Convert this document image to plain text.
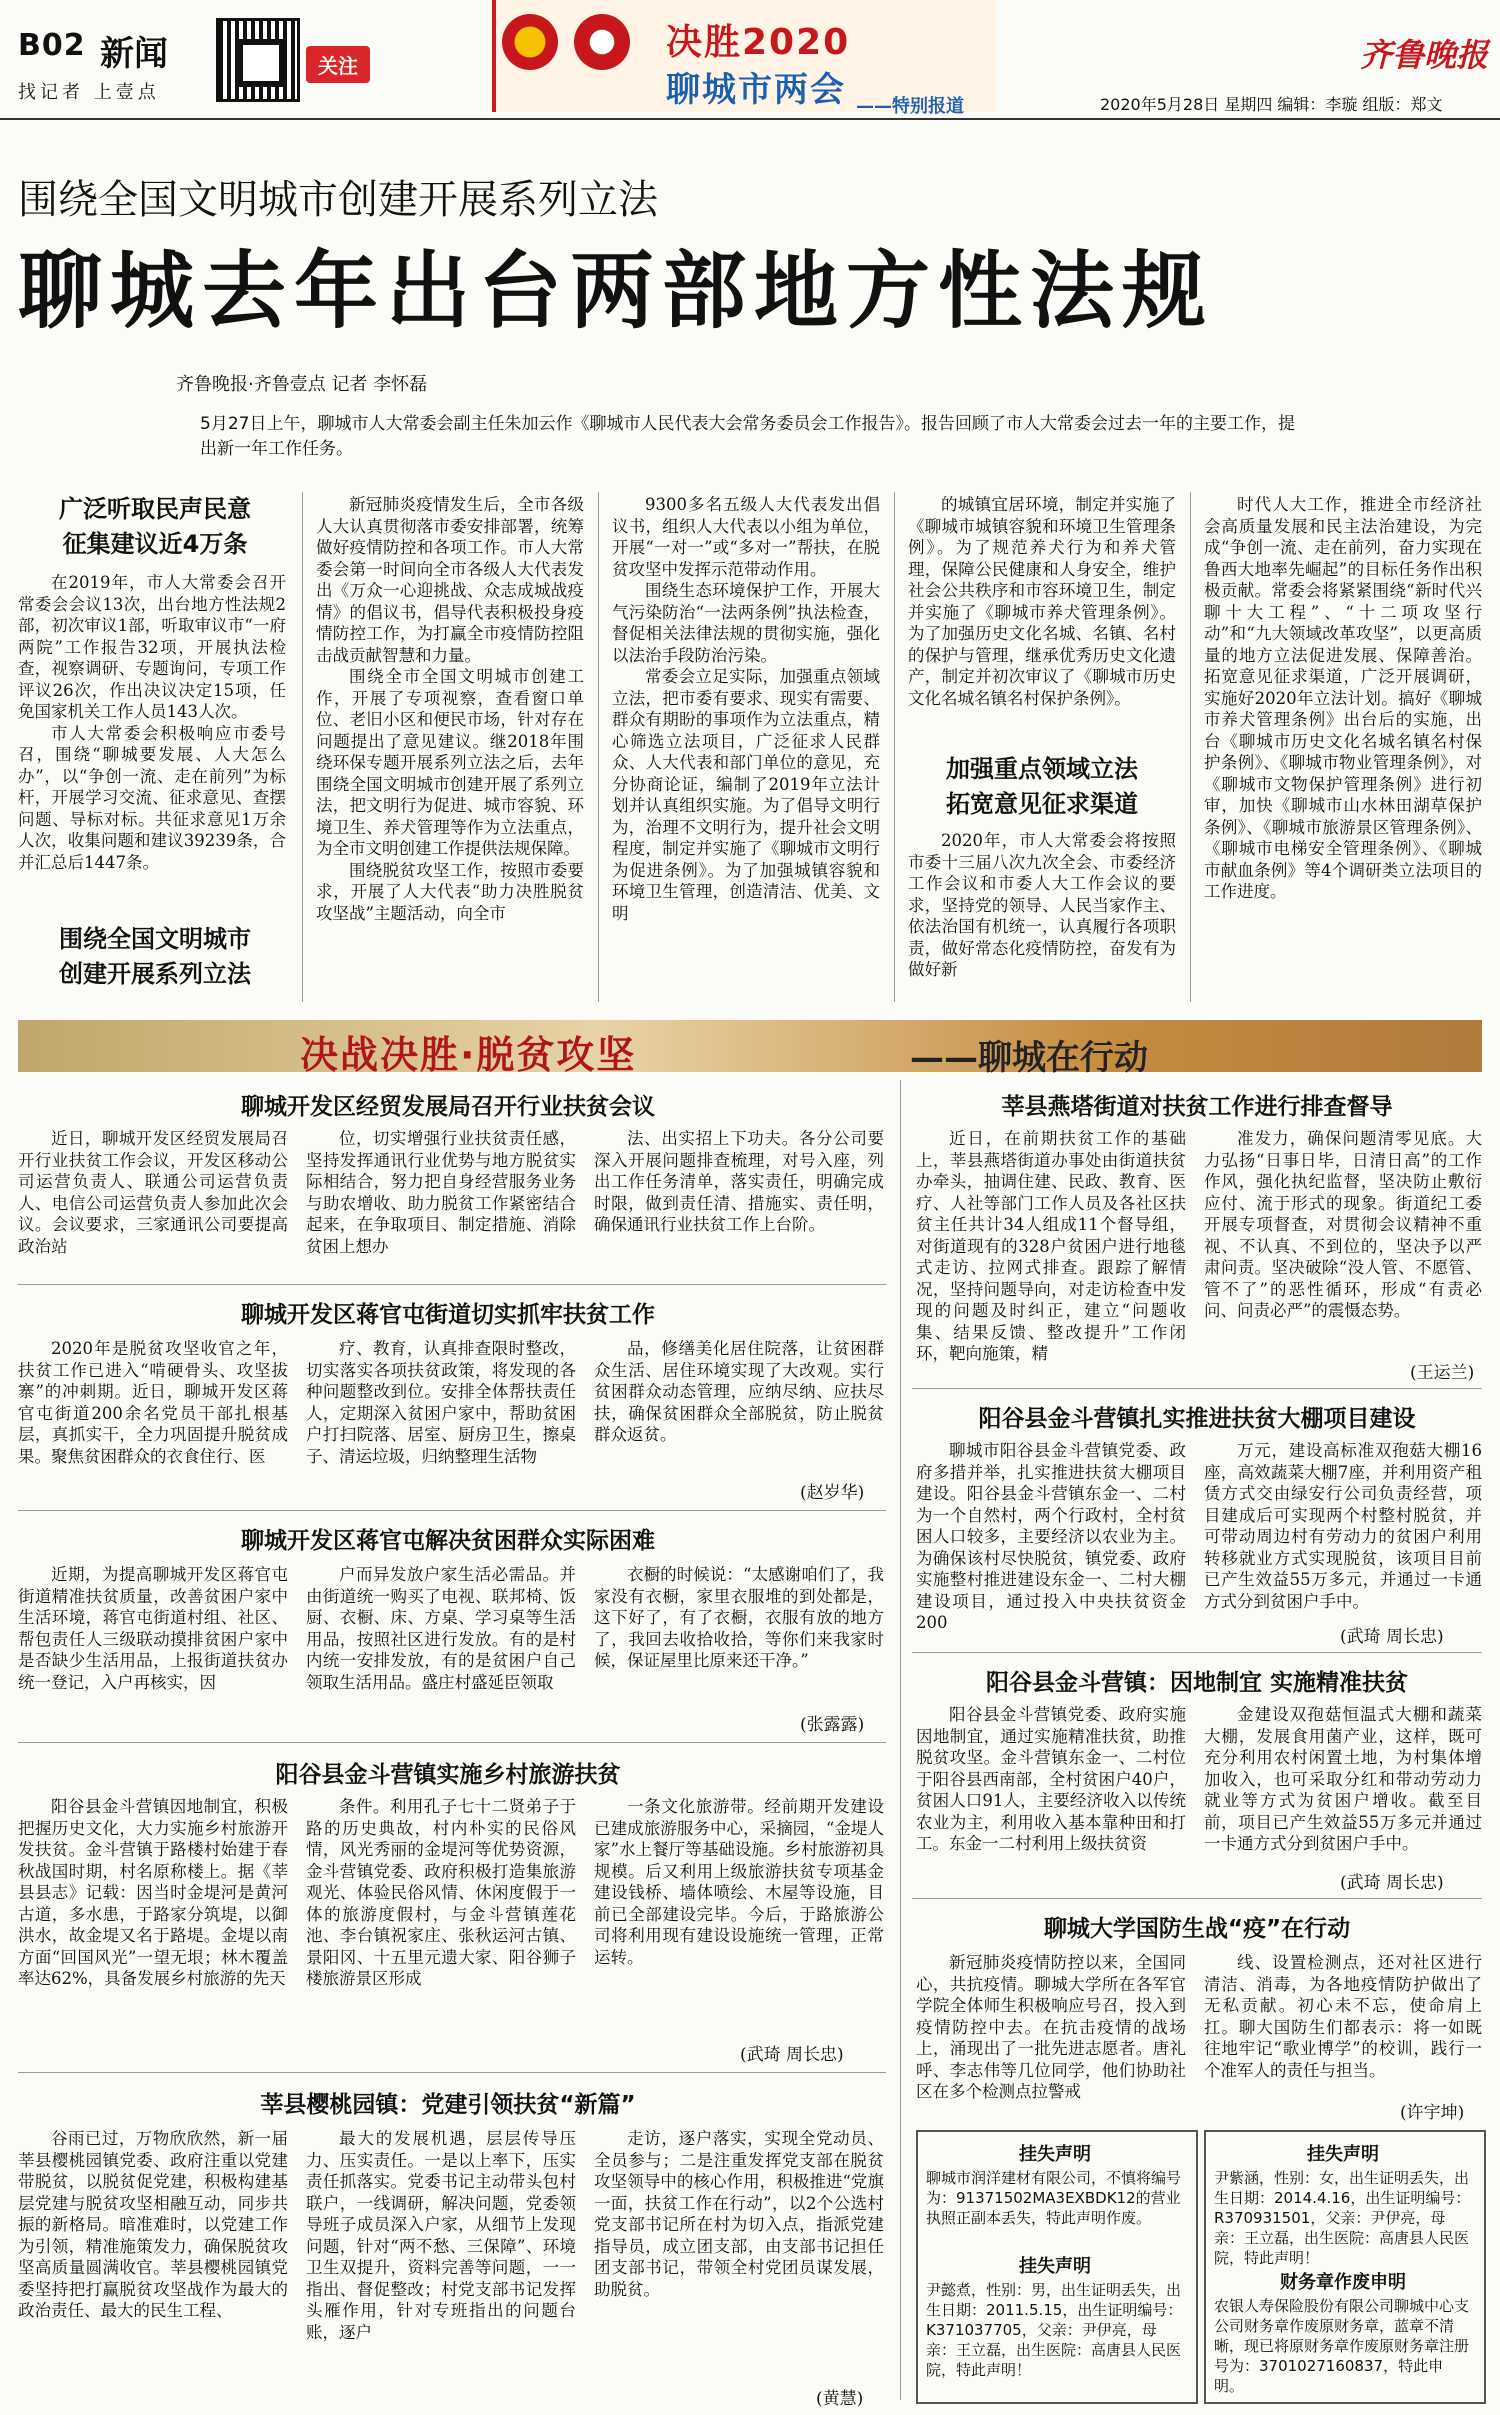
B02 新闻
找记者 上壹点
关注
决胜2020
聊城市两会 ——特别报道
齐鲁晚报
2020年5月28日 星期四 编辑：李璇 组版：郑文
围绕全国文明城市创建开展系列立法
聊城去年出台两部地方性法规
齐鲁晚报·齐鲁壹点 记者 李怀磊
5月27日上午，聊城市人大常委会副主任朱加云作《聊城市人民代表大会常务委员会工作报告》。报告回顾了市人大常委会过去一年的主要工作，提出新一年工作任务。
广泛听取民声民意
征集建议近4万条

在2019年，市人大常委会召开常委会会议13次，出台地方性法规2部，初次审议1部，听取审议市“一府两院”工作报告32项，开展执法检查，视察调研、专题询问，专项工作评议26次，作出决议决定15项，任免国家机关工作人员143人次。

市人大常委会积极响应市委号召，围绕“聊城要发展、人大怎么办”，以“争创一流、走在前列”为标杆，开展学习交流、征求意见、查摆问题、导标对标。共征求意见1万余人次，收集问题和建议39239条，合并汇总后1447条。

围绕全国文明城市
创建开展系列立法

新冠肺炎疫情发生后，全市各级人大认真贯彻落市委安排部署，统筹做好疫情防控和各项工作。市人大常委会第一时间向全市各级人大代表发出《万众一心迎挑战、众志成城战疫情》的倡议书，倡导代表积极投身疫情防控工作，为打赢全市疫情防控阻击战贡献智慧和力量。

围绕全市全国文明城市创建工作，开展了专项视察，查看窗口单位、老旧小区和便民市场，针对存在问题提出了意见建议。继2018年围绕环保专题开展系列立法之后，去年围绕全国文明城市创建开展了系列立法，把文明行为促进、城市容貌、环境卫生、养犬管理等作为立法重点，为全市文明创建工作提供法规保障。

围绕脱贫攻坚工作，按照市委要求，开展了人大代表“助力决胜脱贫攻坚战”主题活动，向全市

9300多名五级人大代表发出倡议书，组织人大代表以小组为单位，开展“一对一”或“多对一”帮扶，在脱贫攻坚中发挥示范带动作用。

围绕生态环境保护工作，开展大气污染防治“一法两条例”执法检查，督促相关法律法规的贯彻实施，强化以法治手段防治污染。

常委会立足实际，加强重点领域立法，把市委有要求、现实有需要、群众有期盼的事项作为立法重点，精心筛选立法项目，广泛征求人民群众、人大代表和部门单位的意见，充分协商论证，编制了2019年立法计划并认真组织实施。为了倡导文明行为，治理不文明行为，提升社会文明程度，制定并实施了《聊城市文明行为促进条例》。为了加强城镇容貌和环境卫生管理，创造清洁、优美、文明

的城镇宜居环境，制定并实施了《聊城市城镇容貌和环境卫生管理条例》。为了规范养犬行为和养犬管理，保障公民健康和人身安全，维护社会公共秩序和市容环境卫生，制定并实施了《聊城市养犬管理条例》。为了加强历史文化名城、名镇、名村的保护与管理，继承优秀历史文化遗产，制定并初次审议了《聊城市历史文化名城名镇名村保护条例》。

加强重点领域立法
拓宽意见征求渠道

2020年，市人大常委会将按照市委十三届八次九次全会、市委经济工作会议和市委人大工作会议的要求，坚持党的领导、人民当家作主、依法治国有机统一，认真履行各项职责，做好常态化疫情防控，奋发有为做好新

时代人大工作，推进全市经济社会高质量发展和民主法治建设，为完成“争创一流、走在前列，奋力实现在鲁西大地率先崛起”的目标任务作出积极贡献。常委会将紧紧围绕“新时代兴聊十大工程”、“十二项攻坚行动”和“九大领域改革攻坚”，以更高质量的地方立法促进发展、保障善治。拓宽意见征求渠道，广泛开展调研，实施好2020年立法计划。搞好《聊城市养犬管理条例》出台后的实施，出台《聊城市历史文化名城名镇名村保护条例》、《聊城市物业管理条例》，对《聊城市文物保护管理条例》进行初审，加快《聊城市山水林田湖草保护条例》、《聊城市旅游景区管理条例》、《聊城市电梯安全管理条例》、《聊城市献血条例》等4个调研类立法项目的工作进度。

决战决胜·脱贫攻坚	——聊城在行动
聊城开发区经贸发展局召开行业扶贫会议

近日，聊城开发区经贸发展局召开行业扶贫工作会议，开发区移动公司运营负责人、联通公司运营负责人、电信公司运营负责人参加此次会议。会议要求，三家通讯公司要提高政治站

位，切实增强行业扶贫责任感，坚持发挥通讯行业优势与地方脱贫实际相结合，努力把自身经营服务业务与助农增收、助力脱贫工作紧密结合起来，在争取项目、制定措施、消除贫困上想办

法、出实招上下功夫。各分公司要深入开展问题排查梳理，对号入座，列出工作任务清单，落实责任，明确完成时限，做到责任清、措施实、责任明，确保通讯行业扶贫工作上台阶。

聊城开发区蒋官屯街道切实抓牢扶贫工作

2020年是脱贫攻坚收官之年，扶贫工作已进入“啃硬骨头、攻坚拔寨”的冲刺期。近日，聊城开发区蒋官屯街道200余名党员干部扎根基层，真抓实干，全力巩固提升脱贫成果。聚焦贫困群众的衣食住行、医

疗、教育，认真排查限时整改，切实落实各项扶贫政策，将发现的各种问题整改到位。安排全体帮扶责任人，定期深入贫困户家中，帮助贫困户打扫院落、居室、厨房卫生，擦桌子、清运垃圾，归纳整理生活物

品，修缮美化居住院落，让贫困群众生活、居住环境实现了大改观。实行贫困群众动态管理，应纳尽纳、应扶尽扶，确保贫困群众全部脱贫，防止脱贫群众返贫。

(赵岁华)
聊城开发区蒋官屯解决贫困群众实际困难

近期，为提高聊城开发区蒋官屯街道精准扶贫质量，改善贫困户家中生活环境，蒋官屯街道村组、社区、帮包责任人三级联动摸排贫困户家中是否缺少生活用品，上报街道扶贫办统一登记，入户再核实，因

户而异发放户家生活必需品。并由街道统一购买了电视、联邦椅、饭厨、衣橱、床、方桌、学习桌等生活用品，按照社区进行发放。有的是村内统一安排发放，有的是贫困户自己领取生活用品。盛庄村盛延臣领取

衣橱的时候说：“太感谢咱们了，我家没有衣橱，家里衣服堆的到处都是，这下好了，有了衣橱，衣服有放的地方了，我回去收拾收拾，等你们来我家时候，保证屋里比原来还干净。”

(张露露)
阳谷县金斗营镇实施乡村旅游扶贫

阳谷县金斗营镇因地制宜，积极把握历史文化，大力实施乡村旅游开发扶贫。金斗营镇于路楼村始建于春秋战国时期，村名原称楼上。据《莘县县志》记载：因当时金堤河是黄河古道，多水患，于路家分筑堤，以御洪水，故金堤又名于路堤。金堤以南方面“回国风光”一望无垠；林木覆盖率达62%，具备发展乡村旅游的先天

条件。利用孔子七十二贤弟子于路的历史典故，村内朴实的民俗风情，风光秀丽的金堤河等优势资源，金斗营镇党委、政府积极打造集旅游观光、体验民俗风情、休闲度假于一体的旅游度假村，与金斗营镇莲花池、李台镇祝家庄、张秋运河古镇、景阳冈、十五里元遗大家、阳谷狮子楼旅游景区形成

一条文化旅游带。经前期开发建设已建成旅游服务中心，采摘园，“金堤人家”水上餐厅等基础设施。乡村旅游初具规模。后又利用上级旅游扶贫专项基金建设钱桥、墙体喷绘、木屋等设施，目前已全部建设完毕。今后，于路旅游公司将利用现有建设设施统一管理，正常运转。

(武琦 周长忠)
莘县樱桃园镇：党建引领扶贫“新篇”

谷雨已过，万物欣欣然，新一届莘县樱桃园镇党委、政府注重以党建带脱贫，以脱贫促党建，积极构建基层党建与脱贫攻坚相融互动，同步共振的新格局。暗准难时，以党建工作为引领，精准施策发力，确保脱贫攻坚高质量圆满收官。莘县樱桃园镇党委坚持把打赢脱贫攻坚战作为最大的政治责任、最大的民生工程、

最大的发展机遇，层层传导压力、压实责任。一是以上率下，压实责任抓落实。党委书记主动带头包村联户，一线调研，解决问题，党委领导班子成员深入户家，从细节上发现问题，针对“两不愁、三保障”、环境卫生双提升，资料完善等问题，一一指出、督促整改；村党支部书记发挥头雁作用，针对专班指出的问题台账，逐户

走访，逐户落实，实现全党动员、全员参与；二是注重发挥党支部在脱贫攻坚领导中的核心作用，积极推进“党旗一面，扶贫工作在行动”，以2个公选村党支部书记所在村为切入点，指派党建指导员，成立团支部，由支部书记担任团支部书记，带领全村党团员谋发展，助脱贫。

(黄慧)
莘县燕塔街道对扶贫工作进行排查督导

近日，在前期扶贫工作的基础上，莘县燕塔街道办事处由街道扶贫办牵头，抽调住建、民政、教育、医疗、人社等部门工作人员及各社区扶贫主任共计34人组成11个督导组，对街道现有的328户贫困户进行地毯式走访、拉网式排查。跟踪了解情况，坚持问题导向，对走访检查中发现的问题及时纠正，建立“问题收集、结果反馈、整改提升”工作闭环，靶向施策，精

准发力，确保问题清零见底。大力弘扬“日事日毕，日清日高”的工作作风，强化执纪监督，坚决防止敷衍应付、流于形式的现象。街道纪工委开展专项督查，对贯彻会议精神不重视、不认真、不到位的，坚决予以严肃问责。坚决破除“没人管、不愿管、管不了”的恶性循环，形成“有责必问、问责必严”的震慑态势。

(王运兰)
阳谷县金斗营镇扎实推进扶贫大棚项目建设

聊城市阳谷县金斗营镇党委、政府多措并举，扎实推进扶贫大棚项目建设。阳谷县金斗营镇东金一、二村为一个自然村，两个行政村，全村贫困人口较多，主要经济以农业为主。为确保该村尽快脱贫，镇党委、政府实施整村推进建设东金一、二村大棚建设项目，通过投入中央扶贫资金200

万元，建设高标准双孢菇大棚16座，高效蔬菜大棚7座，并利用资产租赁方式交由绿安行公司负责经营，项目建成后可实现两个村整村脱贫，并可带动周边村有劳动力的贫困户利用转移就业方式实现脱贫，该项目目前已产生效益55万多元，并通过一卡通方式分到贫困户手中。

(武琦 周长忠)
阳谷县金斗营镇：因地制宜 实施精准扶贫

阳谷县金斗营镇党委、政府实施因地制宜，通过实施精准扶贫，助推脱贫攻坚。金斗营镇东金一、二村位于阳谷县西南部，全村贫困户40户，贫困人口91人，主要经济收入以传统农业为主，利用收入基本靠种田和打工。东金一二村利用上级扶贫资

金建设双孢菇恒温式大棚和蔬菜大棚，发展食用菌产业，这样，既可充分利用农村闲置土地，为村集体增加收入，也可采取分红和带动劳动力就业等方式为贫困户增收。截至目前，项目已产生效益55万多元并通过一卡通方式分到贫困户手中。

(武琦 周长忠)
聊城大学国防生战“疫”在行动

新冠肺炎疫情防控以来，全国同心，共抗疫情。聊城大学所在各军官学院全体师生积极响应号召，投入到疫情防控中去。在抗击疫情的战场上，涌现出了一批先进志愿者。唐礼呼、李志伟等几位同学，他们协助社区在多个检测点拉警戒

线、设置检测点，还对社区进行清洁、消毒，为各地疫情防护做出了无私贡献。初心未不忘，使命肩上扛。聊大国防生们都表示：将一如既往地牢记“歌业博学”的校训，践行一个准军人的责任与担当。

(许宇坤)
挂失声明
聊城市润洋建材有限公司，不慎将编号为：91371502MA3EXBDK12的营业执照正副本丢失，特此声明作废。
挂失声明
尹懿煮，性别：男，出生证明丢失，出生日期：2011.5.15，出生证明编号：K371037705，父亲：尹伊亮，母亲：王立磊，出生医院：高唐县人民医院，特此声明！
挂失声明
尹紫涵，性别：女，出生证明丢失，出生日期：2014.4.16，出生证明编号：R370931501，父亲：尹伊亮，母亲：王立磊，出生医院：高唐县人民医院，特此声明！
财务章作废申明
农银人寿保险股份有限公司聊城中心支公司财务章作废原财务章，蓝章不清晰，现已将原财务章作废原财务章注册号为：3701027160837，特此申明。
